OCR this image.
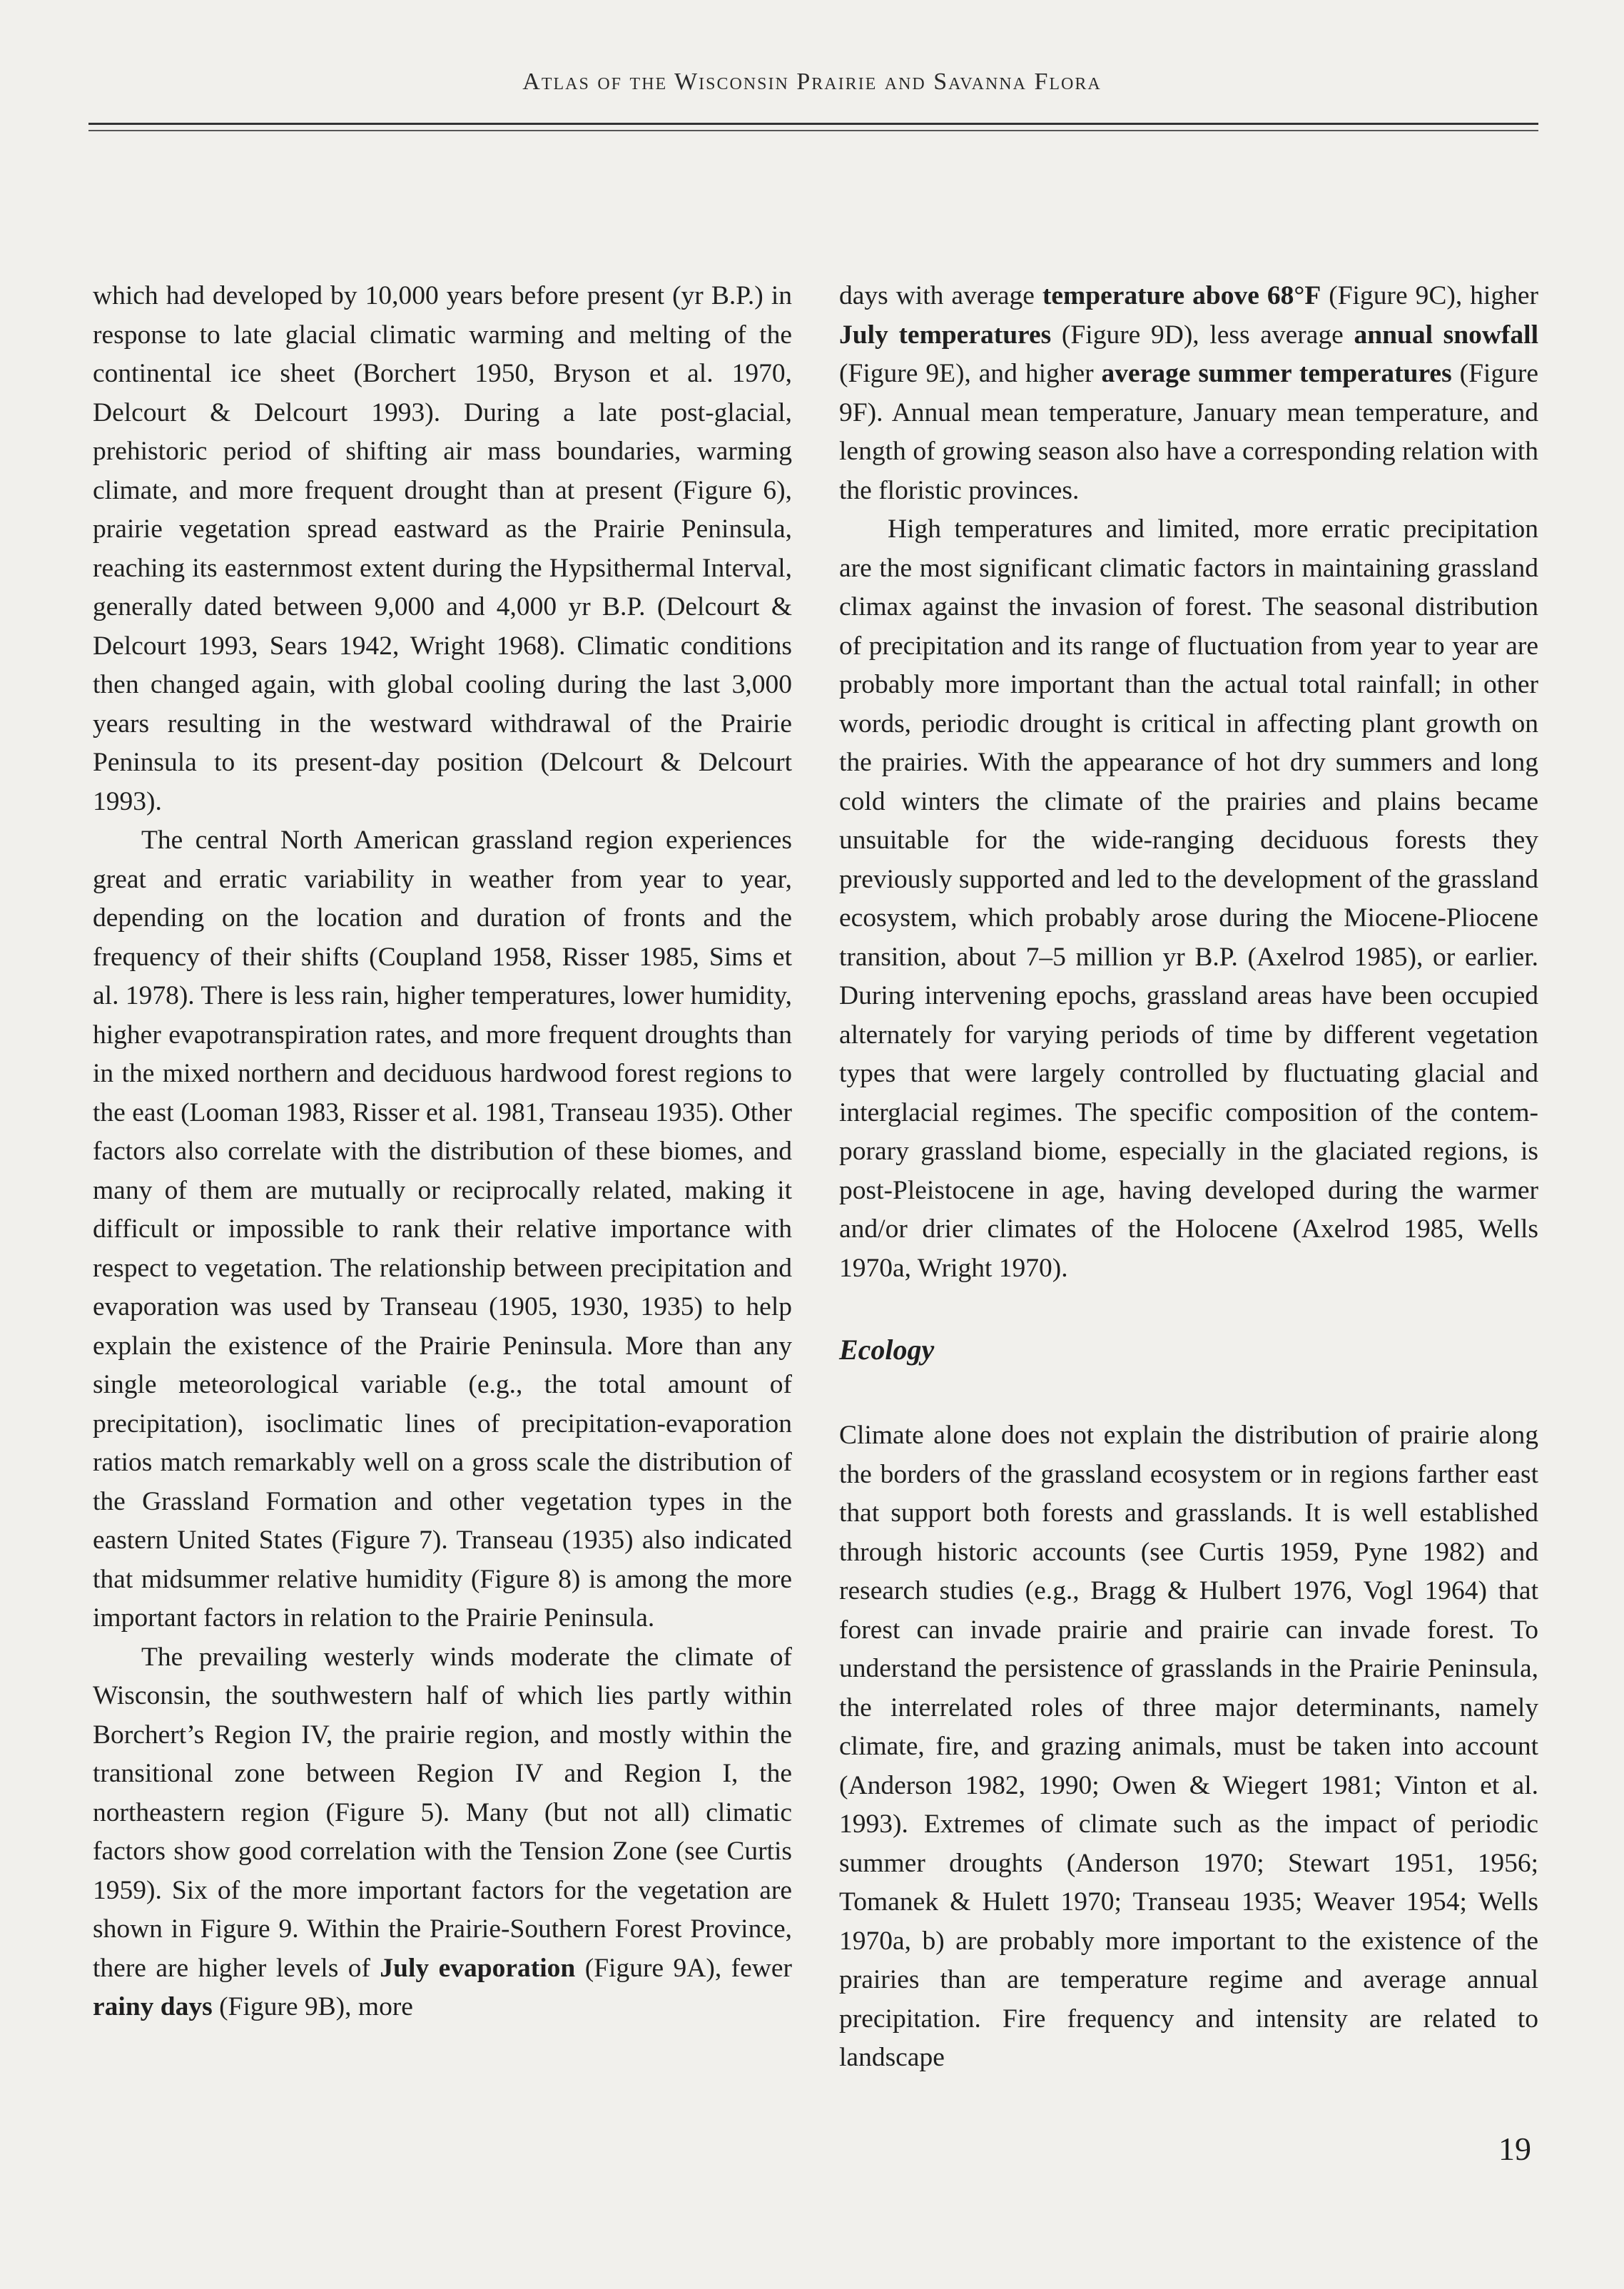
Atlas of the Wisconsin Prairie and Savanna Flora

which had developed by 10,000 years before present (yr B.P.) in response to late glacial climatic warming and melting of the continental ice sheet (Borchert 1950, Bryson et al. 1970, Delcourt & Delcourt 1993). During a late post-glacial, prehistoric period of shifting air mass boundaries, warming climate, and more frequent drought than at present (Figure 6), prairie vegetation spread eastward as the Prairie Peninsula, reaching its easternmost extent during the Hypsithermal Interval, generally dated between 9,000 and 4,000 yr B.P. (Delcourt & Delcourt 1993, Sears 1942, Wright 1968). Climatic conditions then changed again, with global cooling during the last 3,000 years resulting in the westward withdrawal of the Prairie Peninsula to its present-day position (Delcourt & Delcourt 1993).

The central North American grassland region experiences great and erratic variability in weather from year to year, depending on the location and duration of fronts and the frequency of their shifts (Coupland 1958, Risser 1985, Sims et al. 1978). There is less rain, higher temperatures, lower humidity, higher evapotranspiration rates, and more frequent droughts than in the mixed northern and deciduous hardwood forest regions to the east (Looman 1983, Risser et al. 1981, Transeau 1935). Other factors also correlate with the distribution of these biomes, and many of them are mutually or reciprocally related, making it difficult or impossible to rank their relative importance with respect to vegetation. The relationship between precipitation and evaporation was used by Transeau (1905, 1930, 1935) to help explain the existence of the Prairie Peninsula. More than any single meteorological variable (e.g., the total amount of precipitation), isoclimatic lines of precipitation-evaporation ratios match remarkably well on a gross scale the distribution of the Grassland Formation and other vegetation types in the eastern United States (Figure 7). Transeau (1935) also indicated that midsummer relative humidity (Figure 8) is among the more important factors in relation to the Prairie Peninsula.

The prevailing westerly winds moderate the climate of Wisconsin, the southwestern half of which lies partly within Borchert’s Region IV, the prairie region, and mostly within the transitional zone between Region IV and Region I, the northeastern region (Figure 5). Many (but not all) climatic factors show good correlation with the Tension Zone (see Curtis 1959). Six of the more important factors for the vegetation are shown in Figure 9. Within the Prairie-Southern Forest Province, there are higher levels of July evaporation (Figure 9A), fewer rainy days (Figure 9B), more

days with average temperature above 68°F (Figure 9C), higher July temperatures (Figure 9D), less average annual snowfall (Figure 9E), and higher average summer temperatures (Figure 9F). Annual mean temperature, January mean temperature, and length of growing season also have a corresponding relation with the floristic provinces.

High temperatures and limited, more erratic precipitation are the most significant climatic factors in maintaining grassland climax against the invasion of forest. The seasonal distribution of precipitation and its range of fluctuation from year to year are probably more important than the actual total rainfall; in other words, periodic drought is critical in affecting plant growth on the prairies. With the appearance of hot dry summers and long cold winters the climate of the prairies and plains became unsuitable for the wide-ranging deciduous forests they previously supported and led to the development of the grassland ecosystem, which probably arose during the Miocene-Pliocene transition, about 7–5 million yr B.P. (Axelrod 1985), or earlier. During intervening epochs, grassland areas have been occupied alternately for varying periods of time by different vegetation types that were largely controlled by fluctuating glacial and interglacial regimes. The specific composition of the contemporary grassland biome, especially in the glaciated regions, is post-Pleistocene in age, having developed during the warmer and/or drier climates of the Holocene (Axelrod 1985, Wells 1970a, Wright 1970).

Ecology

Climate alone does not explain the distribution of prairie along the borders of the grassland ecosystem or in regions farther east that support both forests and grasslands. It is well established through historic accounts (see Curtis 1959, Pyne 1982) and research studies (e.g., Bragg & Hulbert 1976, Vogl 1964) that forest can invade prairie and prairie can invade forest. To understand the persistence of grasslands in the Prairie Peninsula, the interrelated roles of three major determinants, namely climate, fire, and grazing animals, must be taken into account (Anderson 1982, 1990; Owen & Wiegert 1981; Vinton et al. 1993). Extremes of climate such as the impact of periodic summer droughts (Anderson 1970; Stewart 1951, 1956; Tomanek & Hulett 1970; Transeau 1935; Weaver 1954; Wells 1970a, b) are probably more important to the existence of the prairies than are temperature regime and average annual precipitation. Fire frequency and intensity are related to landscape

19
